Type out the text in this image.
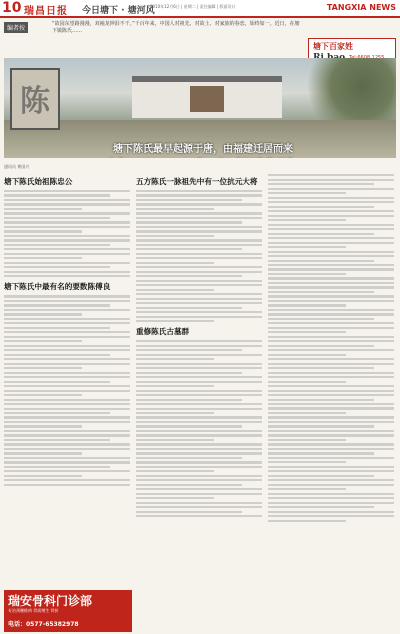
10 瑞昌日报 今日塘下 · 塘河风
2010年12月6日 | 星期二 | 责任编辑 | 版面设计	TANGXIA NEWS
编者按
“故园东望路漫漫，双袖龙钟泪不干。”千百年来，中国人对祖先、对故土、对家族的眷恋，始终如一。近日，在塘下镇陈氏……
塘下百家姓
陈
塘下陈氏最早起源于唐，由福建迁居而来
通讯员 黄国兴
塘下陈氏始祖陈忠公
塘下陈氏中最有名的要数陈傅良
五方陈氏一脉祖先中有一位抗元大将
重修陈氏古墓群
瑞安骨科门诊部
专治颈腰椎病 骨质增生 骨折
电话：0577-65382978
